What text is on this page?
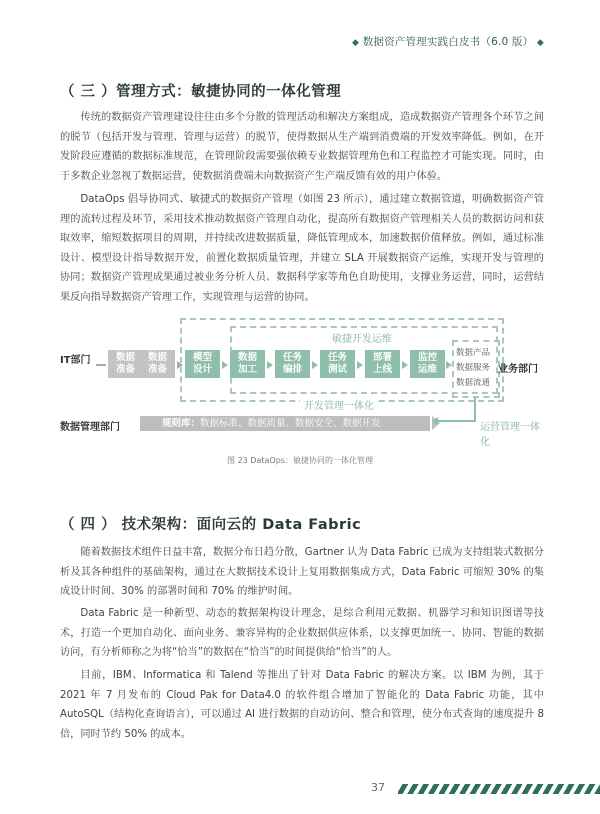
◆ 数据资产管理实践白皮书（6.0 版） ◆
（ 三 ）管理方式：敏捷协同的一体化管理

传统的数据资产管理建设往往由多个分散的管理活动和解决方案组成，造成数据资产管理各个环节之间的脱节（包括开发与管理、管理与运营）的脱节，使得数据从生产端到消费端的开发效率降低。例如，在开发阶段应遵循的数据标准规范，在管理阶段需要强依赖专业数据管理角色和工程监控才可能实现。同时，由于多数企业忽视了数据运营，使数据消费端未向数据资产生产端反馈有效的用户体验。

DataOps 倡导协同式、敏捷式的数据资产管理（如图 23 所示），通过建立数据管道，明确数据资产管理的流转过程及环节，采用技术推动数据资产管理自动化，提高所有数据资产管理相关人员的数据访问和获取效率，缩短数据项目的周期，并持续改进数据质量，降低管理成本，加速数据价值释放。例如，通过标准设计、模型设计指导数据开发，前置化数据质量管理，并建立 SLA 开展数据资产运维，实现开发与管理的协同；数据资产管理成果通过被业务分析人员、数据科学家等角色自助使用，支撑业务运营，同时，运营结果反向指导数据资产管理工作，实现管理与运营的协同。

敏捷开发运维
开发管理一体化
IT部门	数据
准备
数据
准备
模型
设计
数据
加工
任务
编排
任务
测试
部署
上线
监控
运维
数据产品
数据服务
数据流通
业务部门
数据管理部门	规则库：数据标准、数据质量、数据安全、数据开发	运营管理一体化
图 23 DataOps：敏捷协同的一体化管理
（ 四 ） 技术架构：面向云的 Data Fabric

随着数据技术组件日益丰富，数据分布日趋分散，Gartner 认为 Data Fabric 已成为支持组装式数据分析及其各种组件的基础架构，通过在大数据技术设计上复用数据集成方式，Data Fabric 可缩短 30% 的集成设计时间、30% 的部署时间和 70% 的维护时间。

Data Fabric 是一种新型、动态的数据架构设计理念，是综合利用元数据、机器学习和知识图谱等技术，打造一个更加自动化、面向业务、兼容异构的企业数据供应体系，以支撑更加统一、协同、智能的数据访问，有分析师称之为将“恰当”的数据在“恰当”的时间提供给“恰当”的人。

目前，IBM、Informatica 和 Talend 等推出了针对 Data Fabric 的解决方案。以 IBM 为例，其于 2021 年 7 月发布的 Cloud Pak for Data4.0 的软件组合增加了智能化的 Data Fabric 功能，其中 AutoSQL（结构化查询语言），可以通过 AI 进行数据的自动访问、整合和管理，使分布式查询的速度提升 8 倍，同时节约 50% 的成本。

37
